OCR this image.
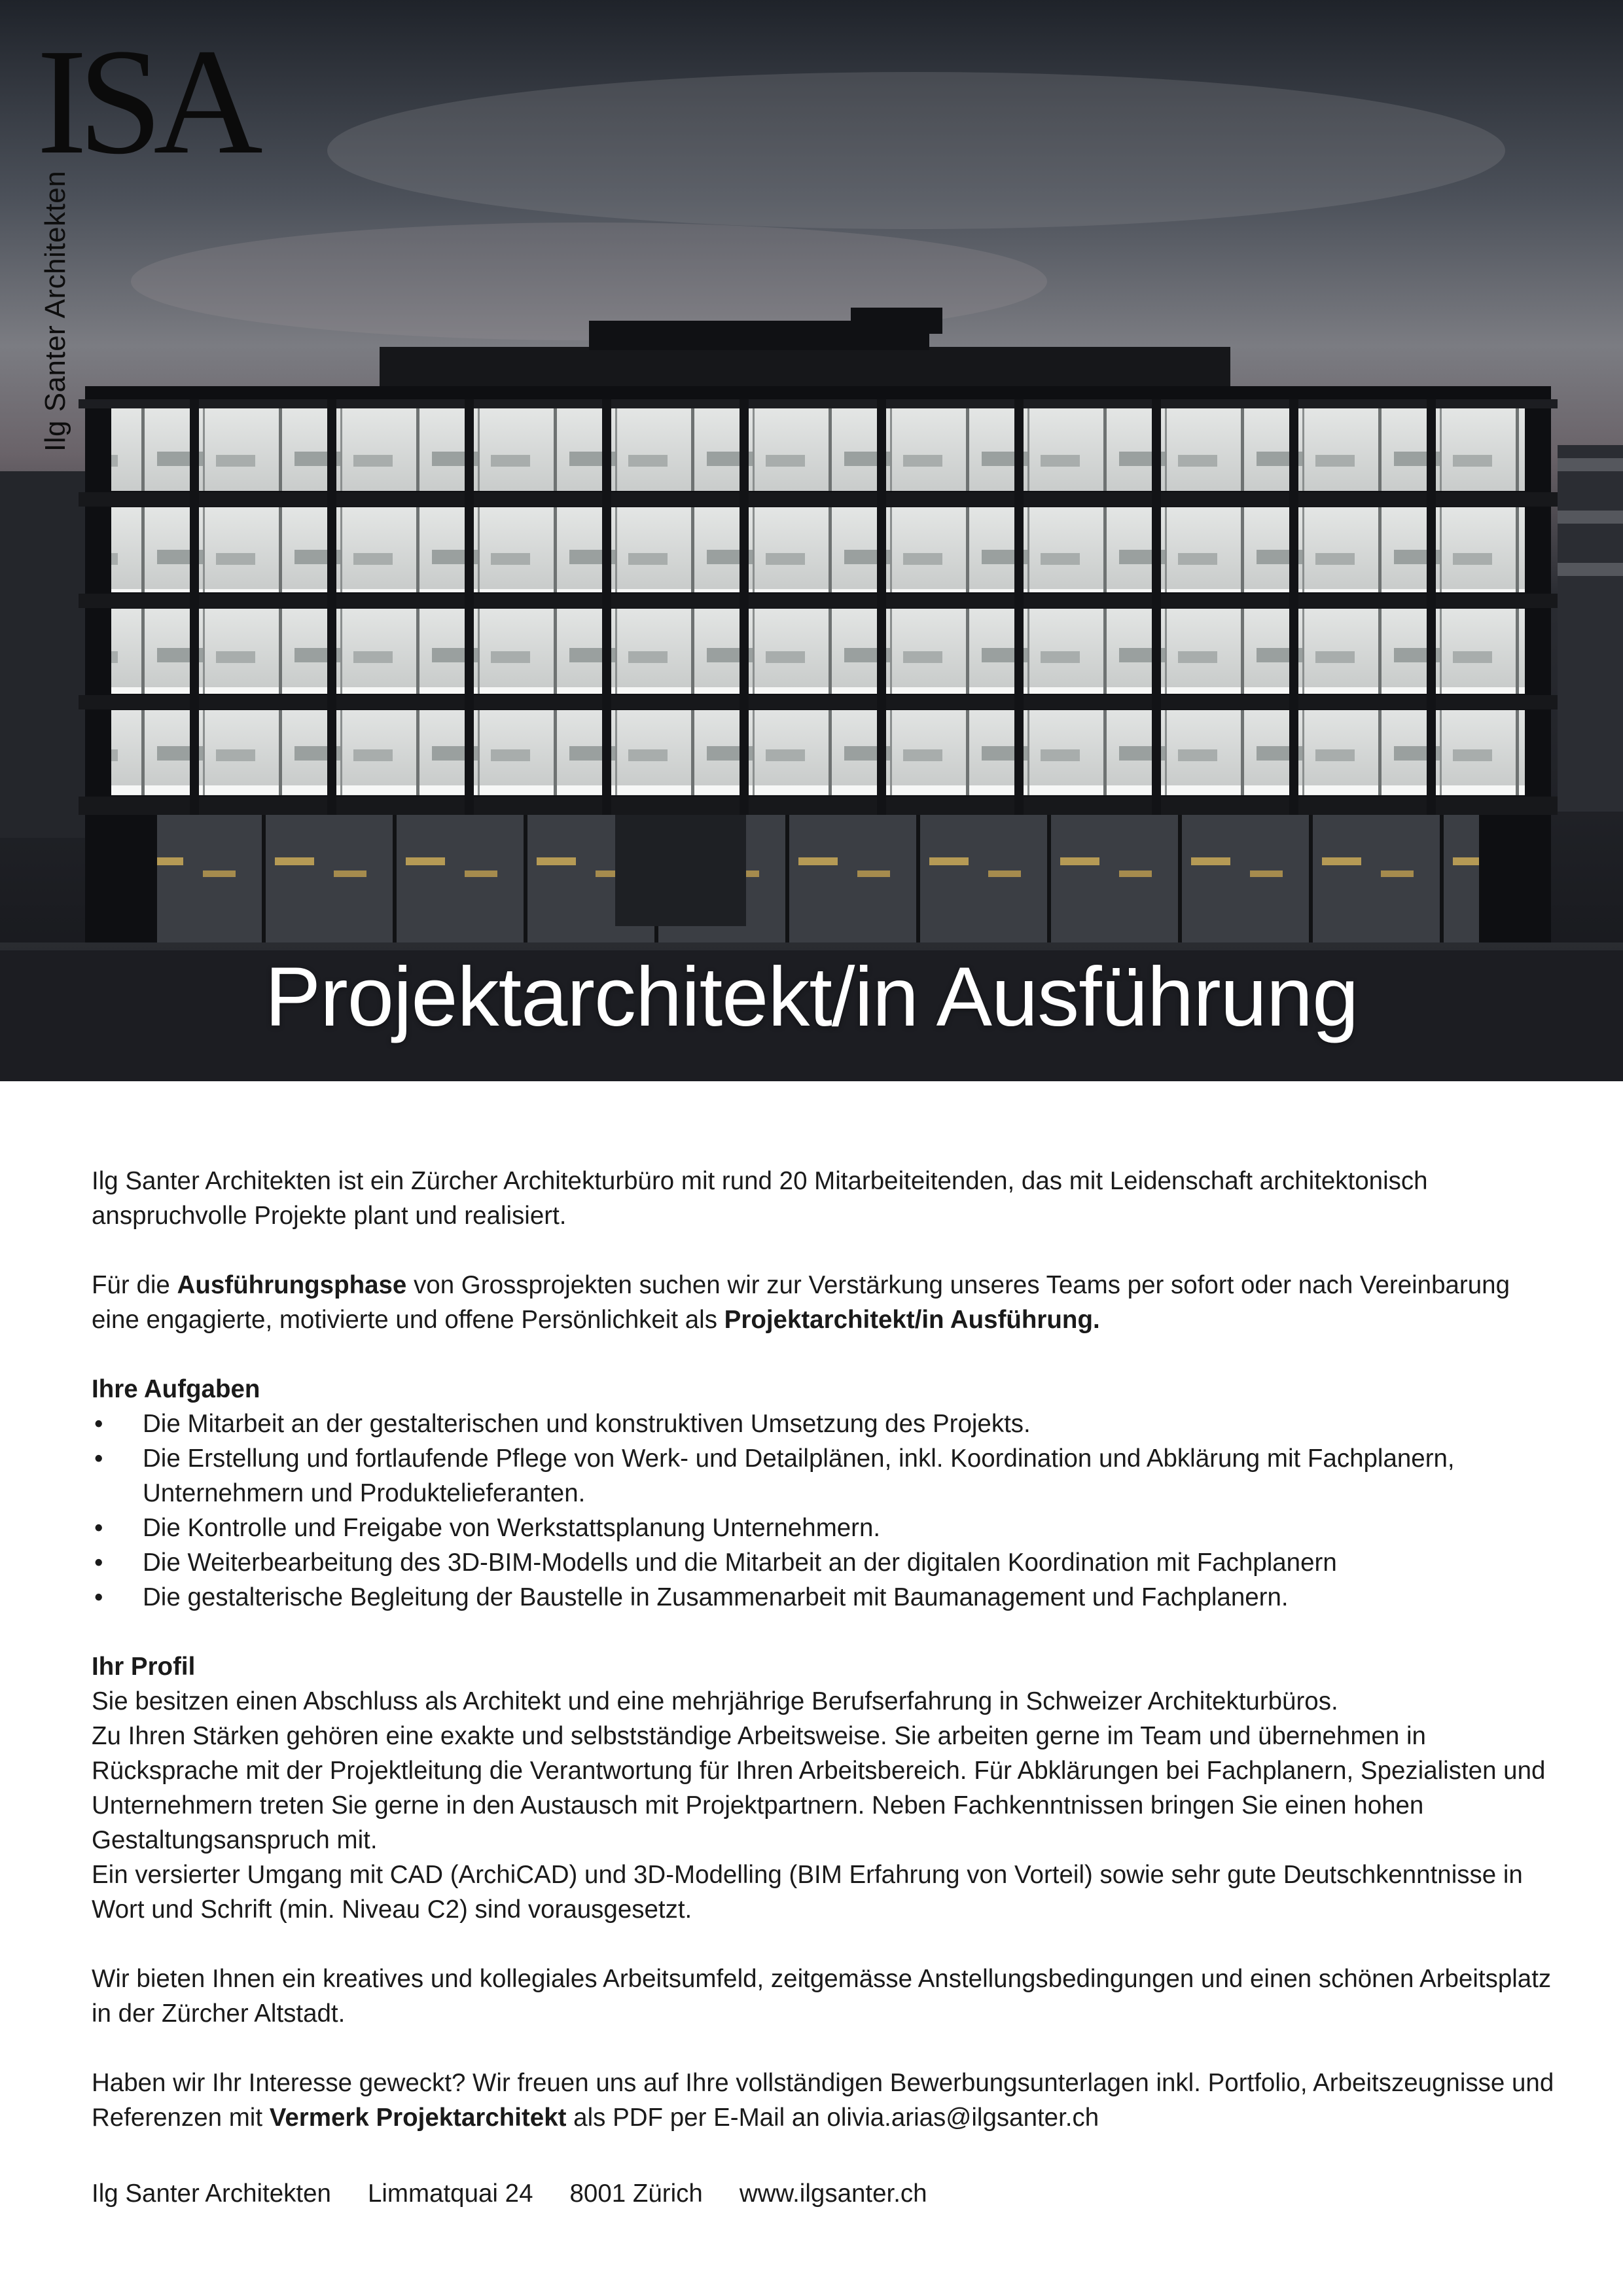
ISA
Ilg Santer Architekten
Projektarchitekt/in Ausführung

Ilg Santer Architekten ist ein Zürcher Architekturbüro mit rund 20 Mitarbeiteitenden, das mit Leidenschaft architektonisch anspruchvolle Projekte plant und realisiert.

Für die Ausführungsphase von Grossprojekten suchen wir zur Verstärkung unseres Teams per sofort oder nach Vereinbarung eine engagierte, motivierte und offene Persönlichkeit als Projektarchitekt/in Ausführung.

Ihre Aufgaben

• Die Mitarbeit an der gestalterischen und konstruktiven Umsetzung des Projekts.
• Die Erstellung und fortlaufende Pflege von Werk- und Detailplänen, inkl. Koordination und Abklärung mit Fachplanern, Unternehmern und Produktelieferanten.
• Die Kontrolle und Freigabe von Werkstattsplanung Unternehmern.
• Die Weiterbearbeitung des 3D-BIM-Modells und die Mitarbeit an der digitalen Koordination mit Fachplanern
• Die gestalterische Begleitung der Baustelle in Zusammenarbeit mit Baumanagement und Fachplanern.

Ihr Profil

Sie besitzen einen Abschluss als Architekt und eine mehrjährige Berufserfahrung in Schweizer Architekturbüros.

Zu Ihren Stärken gehören eine exakte und selbstständige Arbeitsweise. Sie arbeiten gerne im Team und übernehmen in Rücksprache mit der Projektleitung die Verantwortung für Ihren Arbeitsbereich. Für Abklärungen bei Fachplanern, Spezialisten und Unternehmern treten Sie gerne in den Austausch mit Projektpartnern. Neben Fachkenntnissen bringen Sie einen hohen Gestaltungsanspruch mit.

Ein versierter Umgang mit CAD (ArchiCAD) und 3D-Modelling (BIM Erfahrung von Vorteil) sowie sehr gute Deutschkenntnisse in Wort und Schrift (min. Niveau C2) sind vorausgesetzt.

Wir bieten Ihnen ein kreatives und kollegiales Arbeitsumfeld, zeitgemässe Anstellungsbedingungen und einen schönen Arbeitsplatz in der Zürcher Altstadt.

Haben wir Ihr Interesse geweckt? Wir freuen uns auf Ihre vollständigen Bewerbungsunterlagen inkl. Portfolio, Arbeitszeugnisse und Referenzen mit Vermerk Projektarchitekt als PDF per E-Mail an olivia.arias@ilgsanter.ch

Ilg Santer Architekten Limmatquai 24 8001 Zürich www.ilgsanter.ch
